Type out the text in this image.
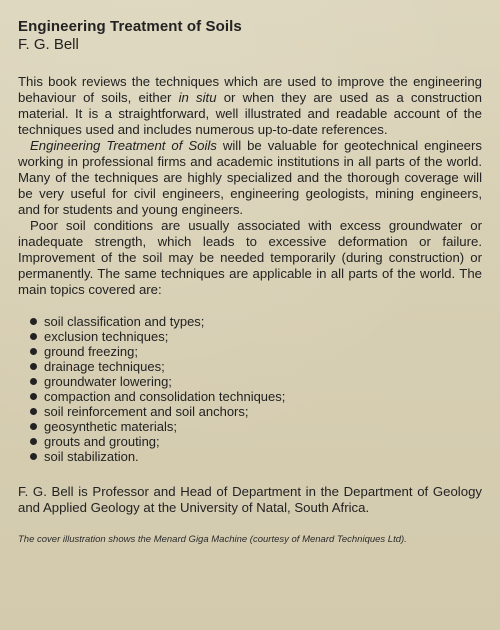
Engineering Treatment of Soils
F. G. Bell

This book reviews the techniques which are used to improve the engineering behaviour of soils, either in situ or when they are used as a construction material. It is a straightforward, well illustrated and readable account of the techniques used and includes numerous up-to-date references.

Engineering Treatment of Soils will be valuable for geotechnical engineers working in professional firms and academic institutions in all parts of the world. Many of the techniques are highly specialized and the thorough coverage will be very useful for civil engineers, engineering geologists, mining engineers, and for students and young engineers.

Poor soil conditions are usually associated with excess groundwater or inadequate strength, which leads to excessive deformation or failure. Improvement of the soil may be needed temporarily (during construction) or permanently. The same techniques are applicable in all parts of the world. The main topics covered are:

soil classification and types;
exclusion techniques;
ground freezing;
drainage techniques;
groundwater lowering;
compaction and consolidation techniques;
soil reinforcement and soil anchors;
geosynthetic materials;
grouts and grouting;
soil stabilization.

F. G. Bell is Professor and Head of Department in the Department of Geology and Applied Geology at the University of Natal, South Africa.

The cover illustration shows the Menard Giga Machine (courtesy of Menard Techniques Ltd).
